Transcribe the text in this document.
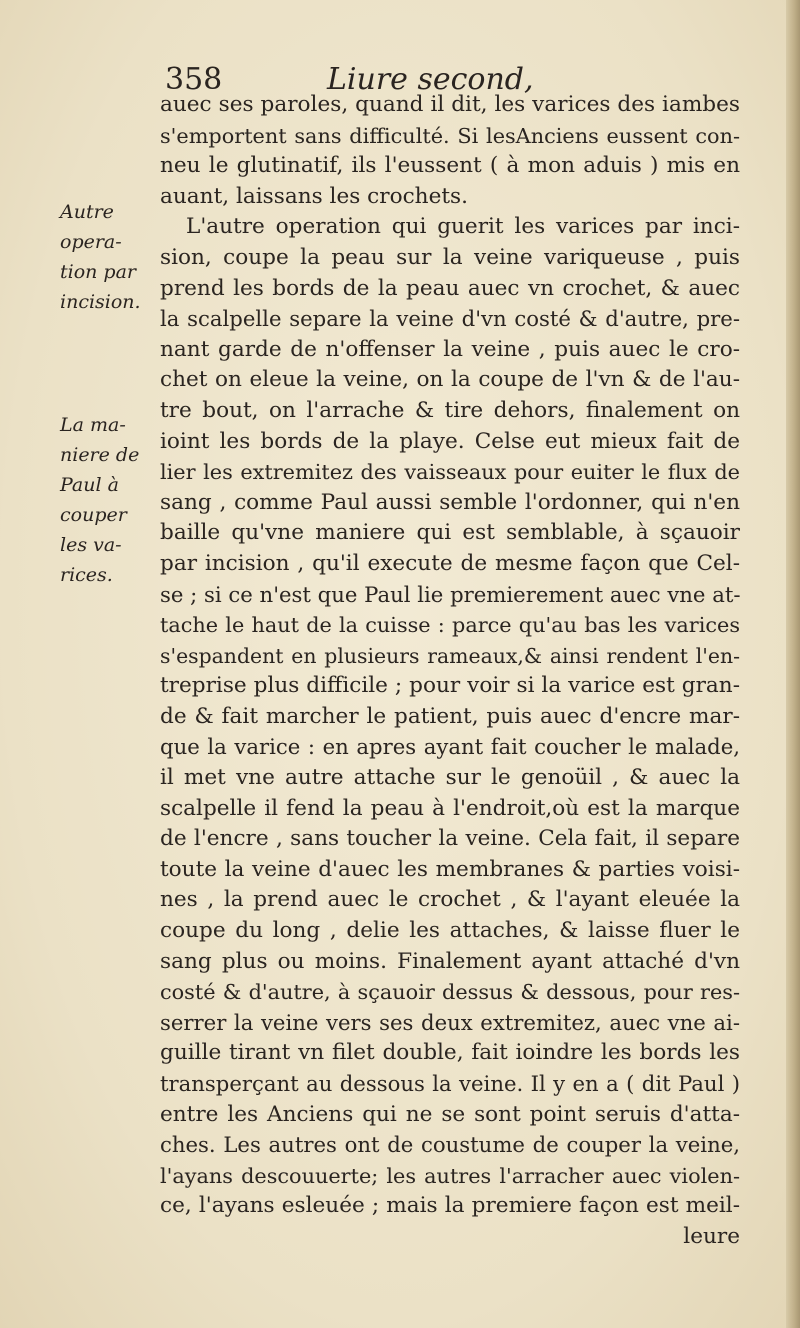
358	Liure second,
Autre
opera-
tion par
incision.
La ma-
niere de
Paul à
couper
les va-
rices.
auec ses paroles, quand il dit, les varices des iambes
s'emportent sans difficulté. Si lesAnciens eussent con-
neu le glutinatif, ils l'eussent ( à mon aduis ) mis en
auant, laissans les crochets.
L'autre operation qui guerit les varices par inci-
sion, coupe la peau sur la veine variqueuse , puis
prend les bords de la peau auec vn crochet, & auec
la scalpelle separe la veine d'vn costé & d'autre, pre-
nant garde de n'offenser la veine , puis auec le cro-
chet on eleue la veine, on la coupe de l'vn & de l'au-
tre bout, on l'arrache & tire dehors, finalement on
ioint les bords de la playe. Celse eut mieux fait de
lier les extremitez des vaisseaux pour euiter le flux de
sang , comme Paul aussi semble l'ordonner, qui n'en
baille qu'vne maniere qui est semblable, à sçauoir
par incision , qu'il execute de mesme façon que Cel-
se ; si ce n'est que Paul lie premierement auec vne at-
tache le haut de la cuisse : parce qu'au bas les varices
s'espandent en plusieurs rameaux,& ainsi rendent l'en-
treprise plus difficile ; pour voir si la varice est gran-
de & fait marcher le patient, puis auec d'encre mar-
que la varice : en apres ayant fait coucher le malade,
il met vne autre attache sur le genoüil , & auec la
scalpelle il fend la peau à l'endroit,où est la marque
de l'encre , sans toucher la veine. Cela fait, il separe
toute la veine d'auec les membranes & parties voisi-
nes , la prend auec le crochet , & l'ayant eleuée la
coupe du long , delie les attaches, & laisse fluer le
sang plus ou moins. Finalement ayant attaché d'vn
costé & d'autre, à sçauoir dessus & dessous, pour res-
serrer la veine vers ses deux extremitez, auec vne ai-
guille tirant vn filet double, fait ioindre les bords les
transperçant au dessous la veine. Il y en a ( dit Paul )
entre les Anciens qui ne se sont point seruis d'atta-
ches. Les autres ont de coustume de couper la veine,
l'ayans descouuerte; les autres l'arracher auec violen-
ce, l'ayans esleuée ; mais la premiere façon est meil-
leure
